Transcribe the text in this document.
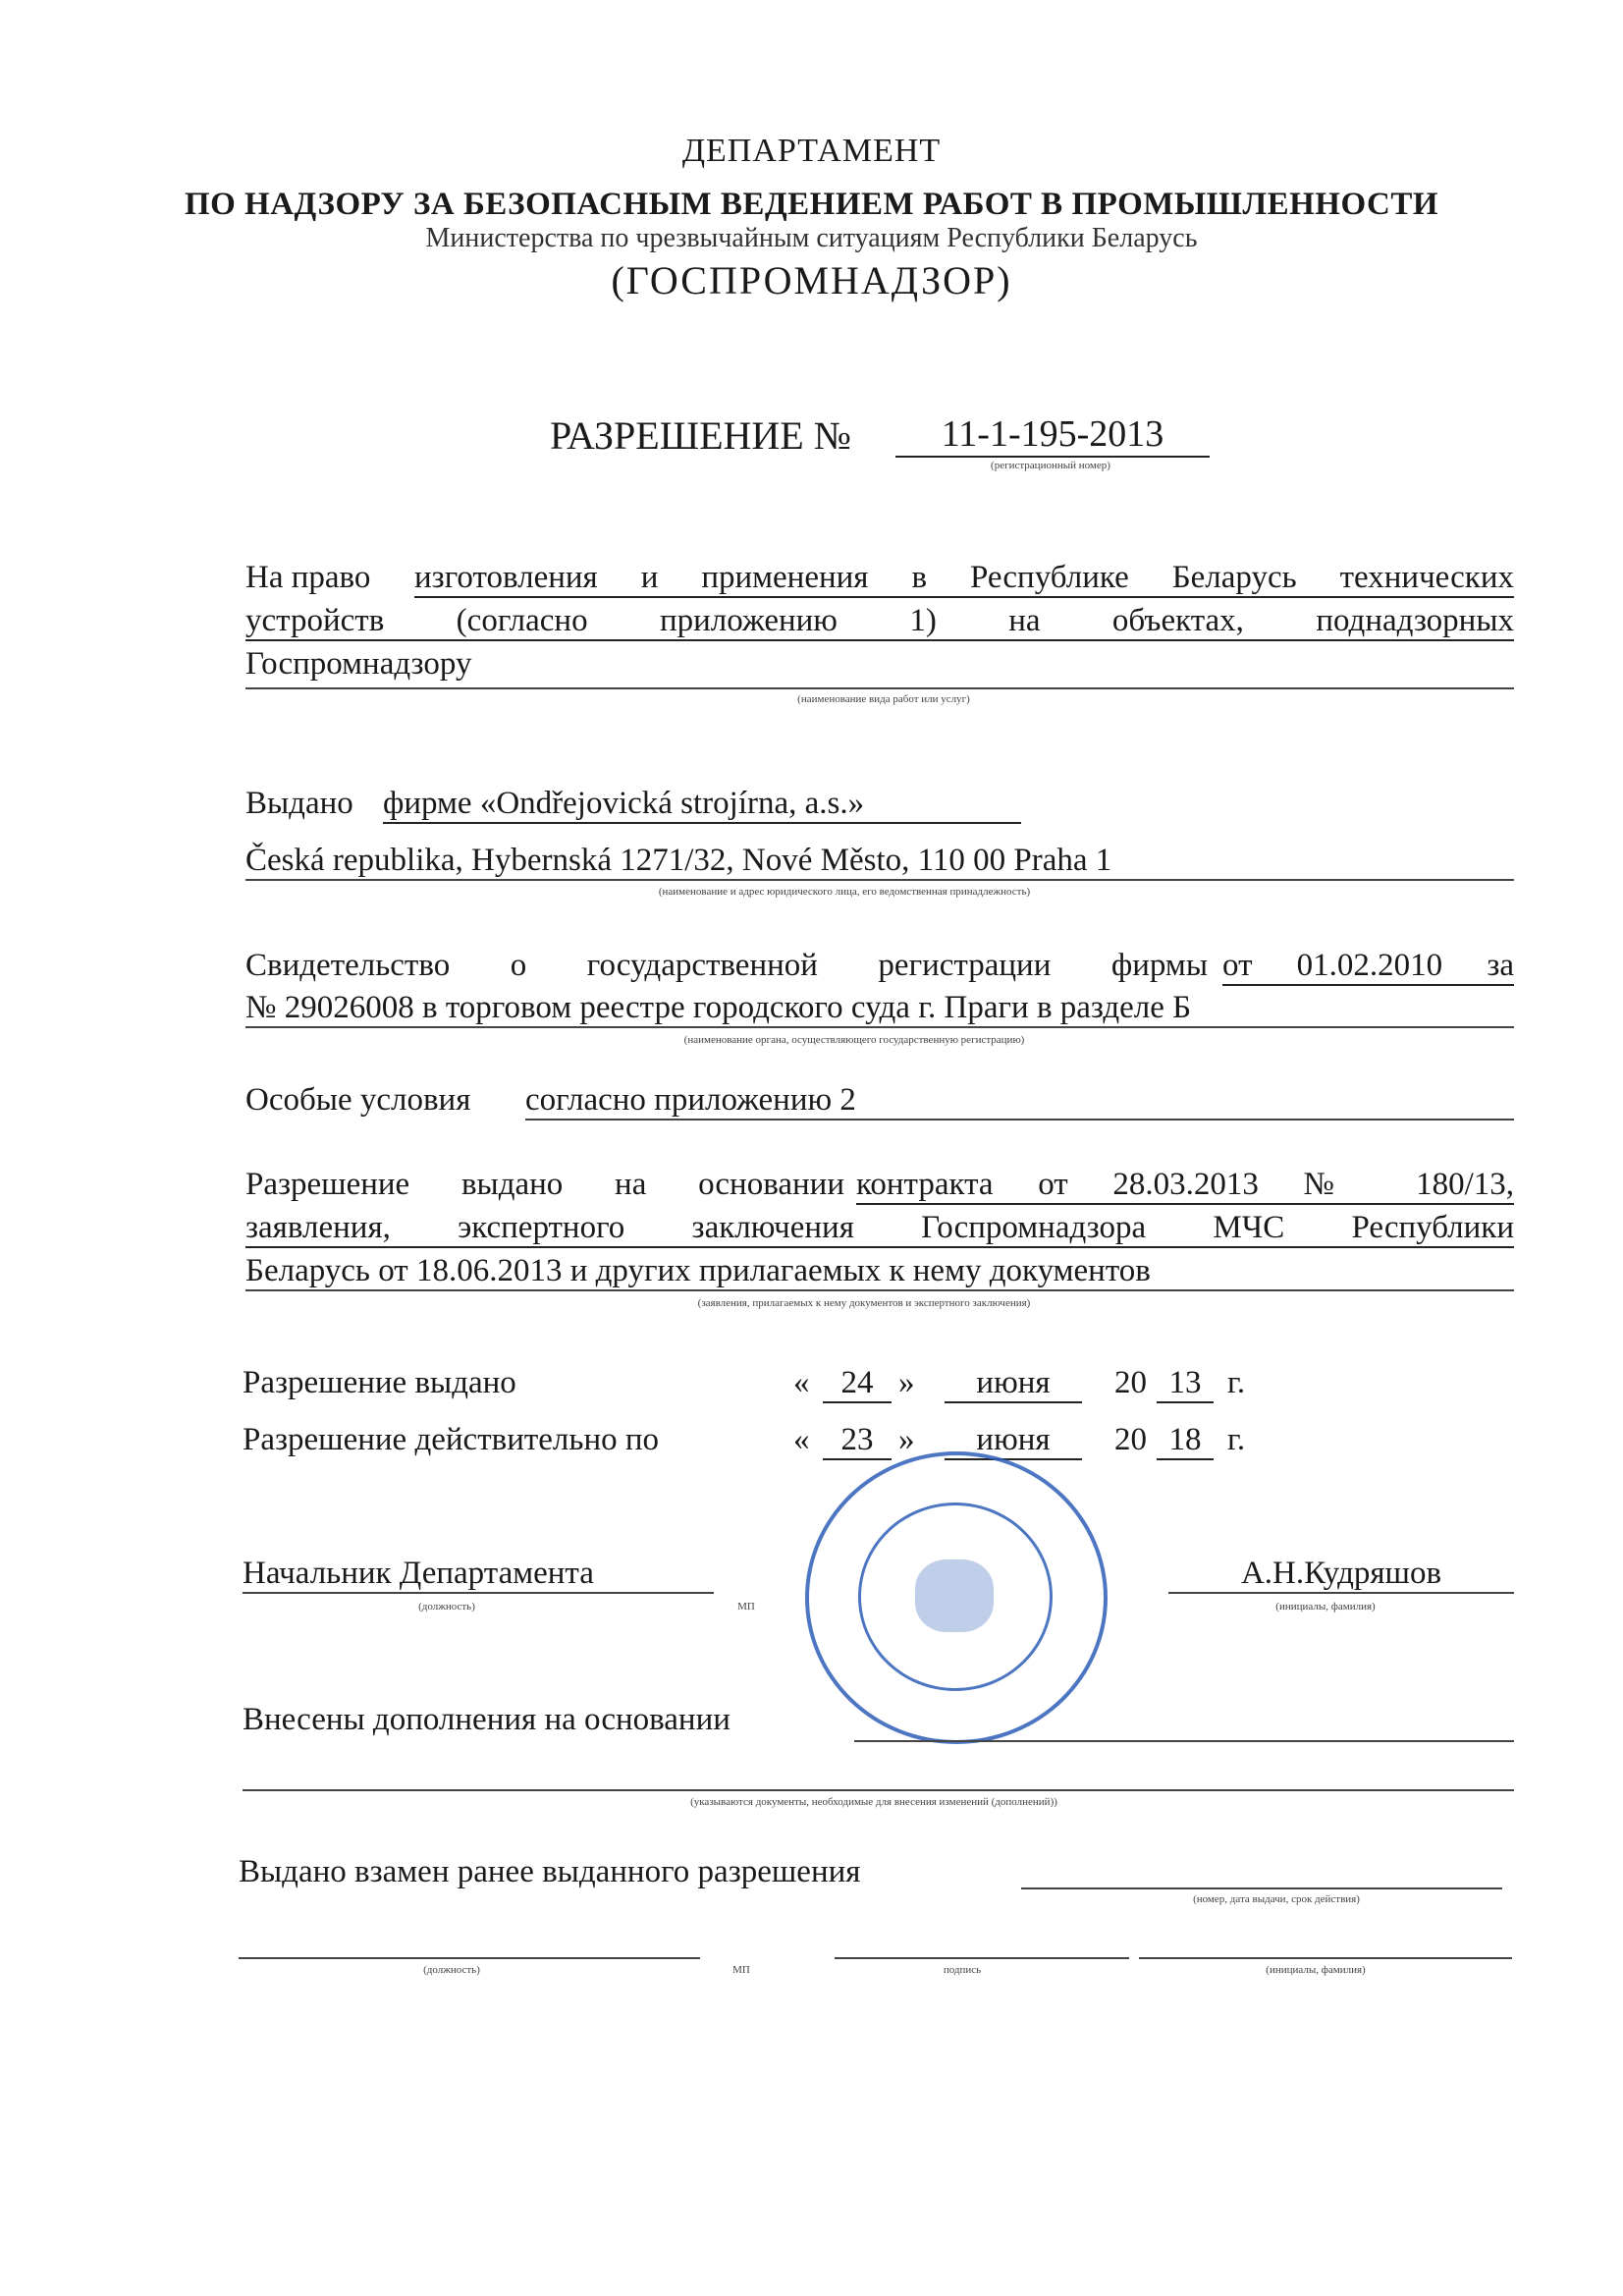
ДЕПАРТАМЕНТ
ПО НАДЗОРУ ЗА БЕЗОПАСНЫМ ВЕДЕНИЕМ РАБОТ В ПРОМЫШЛЕННОСТИ
Министерства по чрезвычайным ситуациям Республики Беларусь
(ГОСПРОМНАДЗОР)
РАЗРЕШЕНИЕ №	11-1-195-2013
(регистрационный номер)
На право изготовления и применения в Республике Беларусь технических
устройств (согласно приложению 1) на объектах, поднадзорных
Госпромнадзору
(наименование вида работ или услуг)
Выдано фирме «Ondřejovická strojírna, a.s.»
Česká republika, Hybernská 1271/32, Nové Město, 110 00 Praha 1
(наименование и адрес юридического лица, его ведомственная принадлежность)
Свидетельство о государственной регистрации фирмы от 01.02.2010 за
№ 29026008 в торговом реестре городского суда г. Праги в разделе Б
(наименование органа, осуществляющего государственную регистрацию)
Особые условия согласно приложению 2
Разрешение выдано на основании контракта от 28.03.2013 № 180/13,
заявления, экспертного заключения Госпромнадзора МЧС Республики
Беларусь от 18.06.2013 и других прилагаемых к нему документов
(заявления, прилагаемых к нему документов и экспертного заключения)
Разрешение выдано	« 24 »	июня	20 13 г.
Разрешение действительно по	« 23 »	июня	20 18 г.
Начальник Департамента
(должность)	МП
А.Н.Кудряшов
(инициалы, фамилия)
Внесены дополнения на основании
(указываются документы, необходимые для внесения изменений (дополнений))
Выдано взамен ранее выданного разрешения
(номер, дата выдачи, срок действия)
(должность)	МП	подпись	(инициалы, фамилия)
